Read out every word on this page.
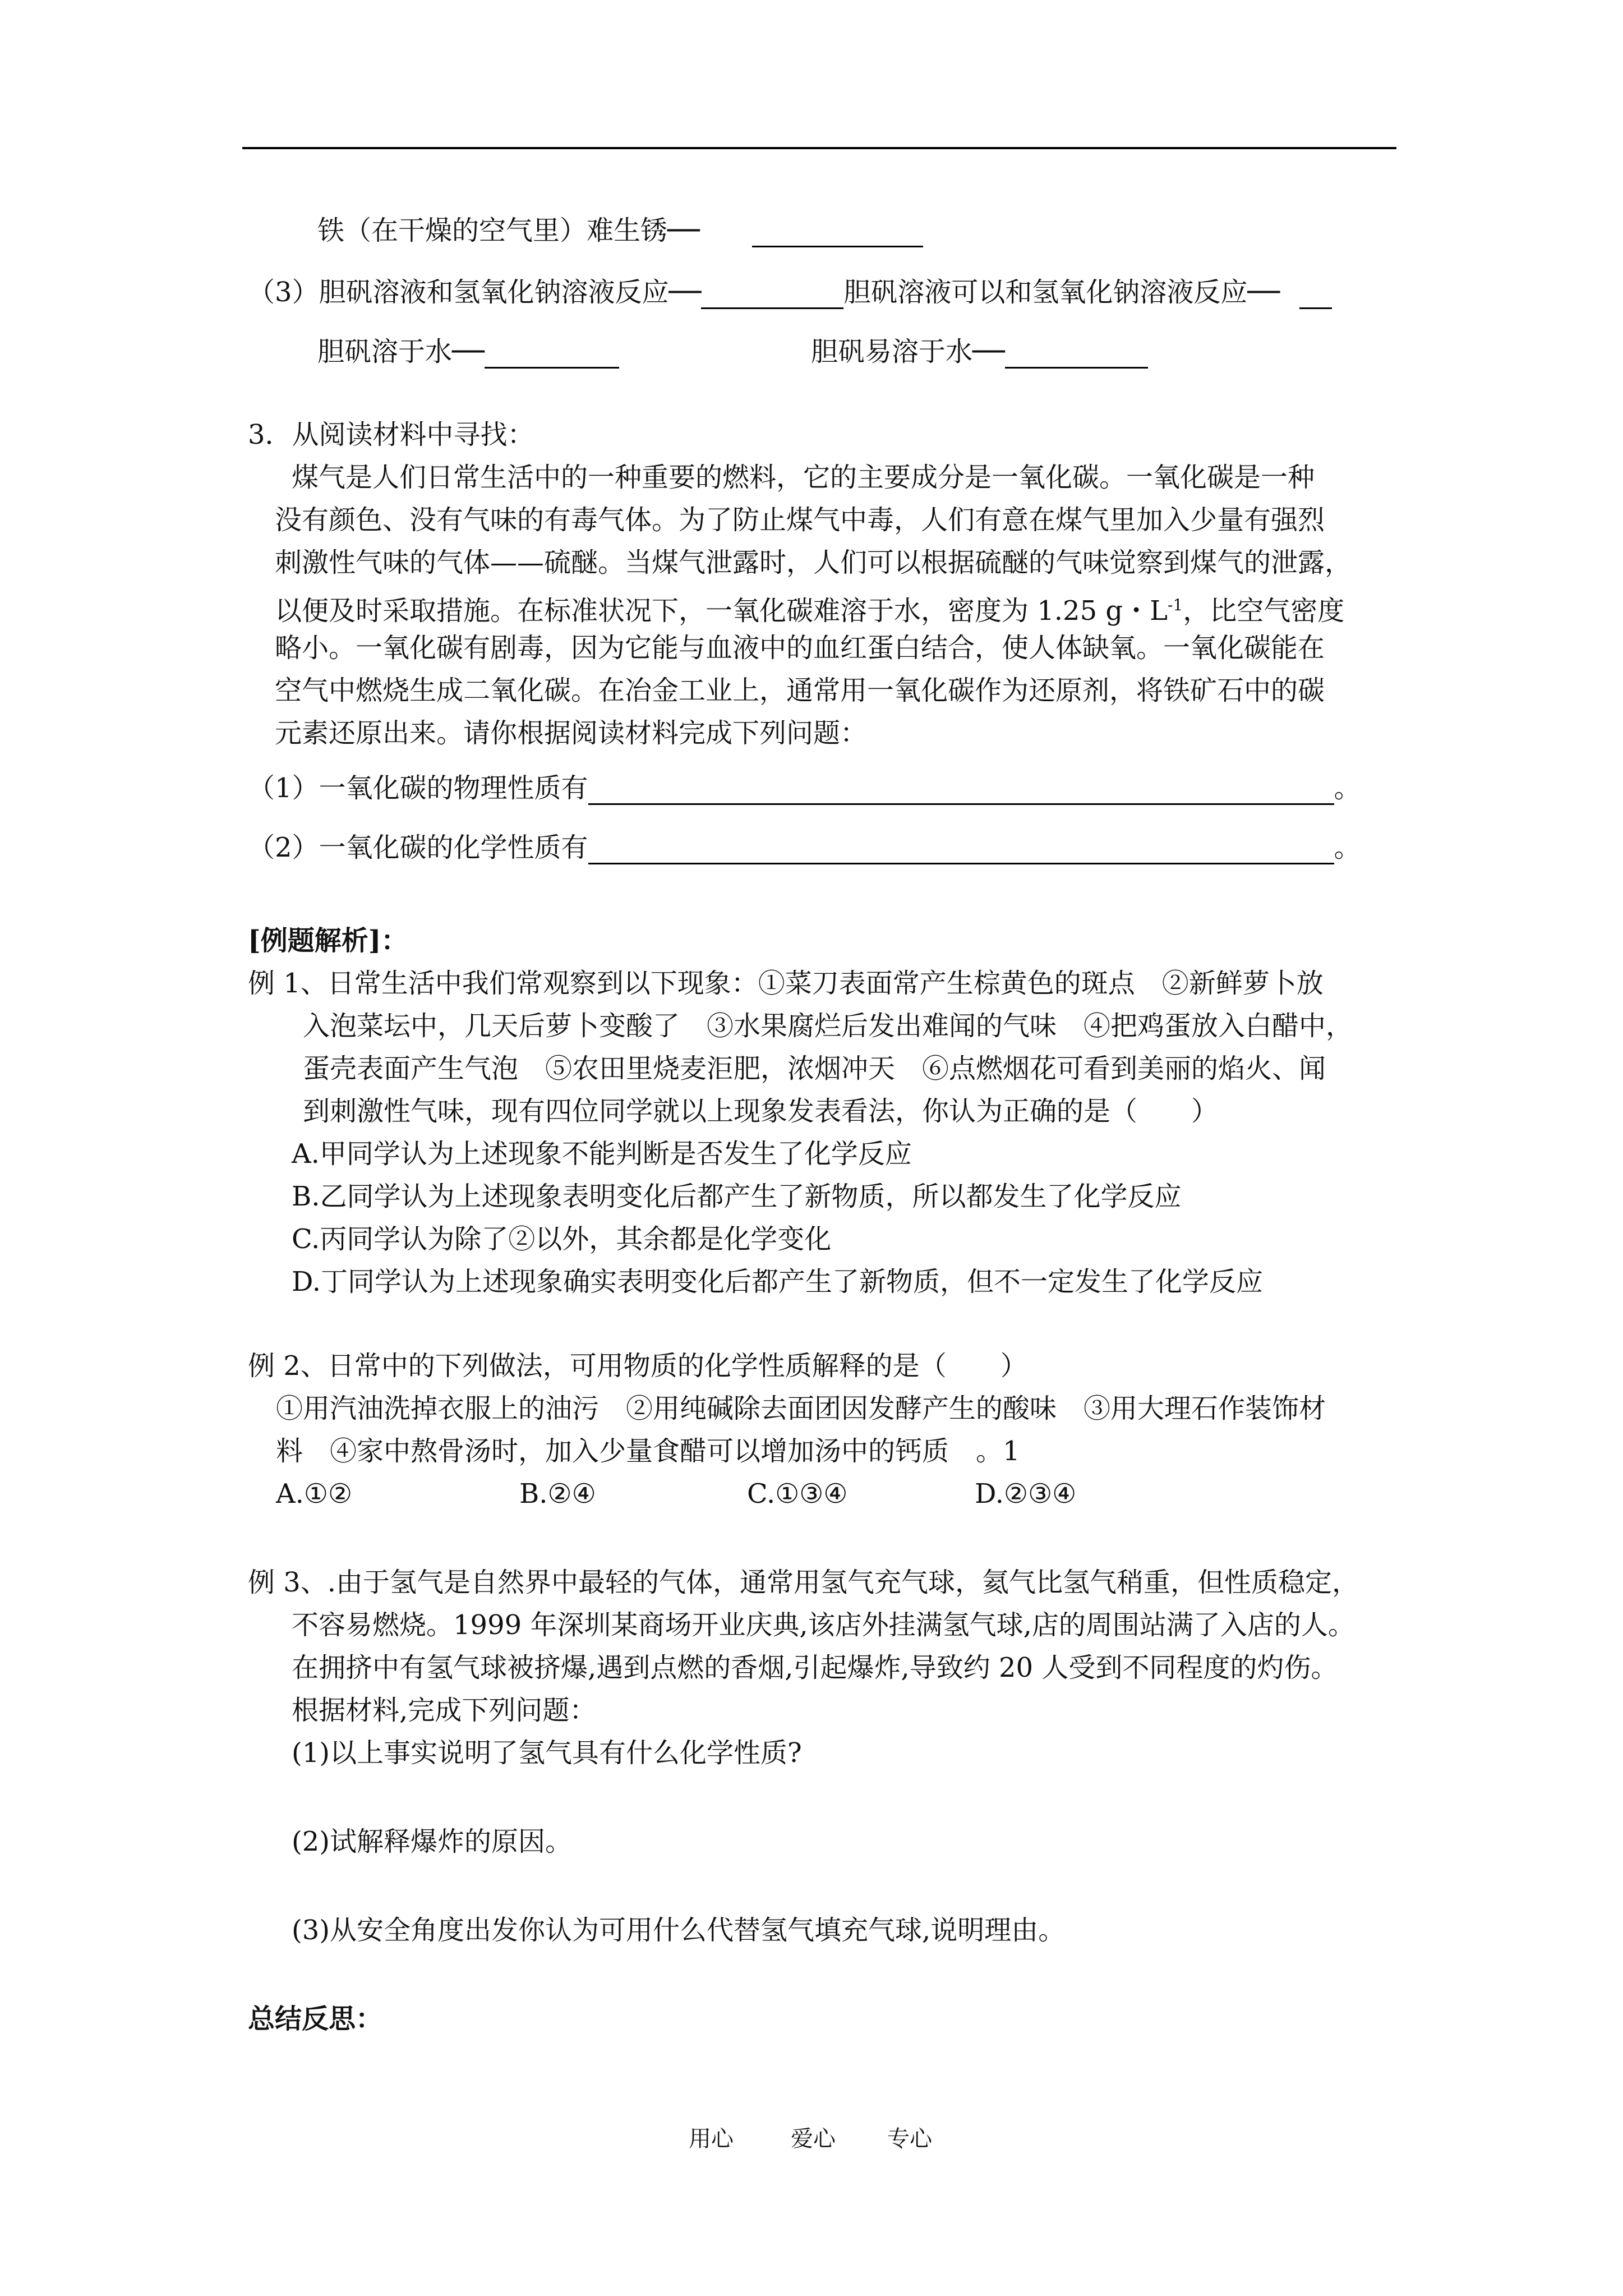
铁（在干燥的空气里）难生锈──
（3）胆矾溶液和氢氧化钠溶液反应──	胆矾溶液可以和氢氧化钠溶液反应──
胆矾溶于水──	胆矾易溶于水──
3．从阅读材料中寻找：
煤气是人们日常生活中的一种重要的燃料，它的主要成分是一氧化碳。一氧化碳是一种
没有颜色、没有气味的有毒气体。为了防止煤气中毒，人们有意在煤气里加入少量有强烈
刺激性气味的气体——硫醚。当煤气泄露时，人们可以根据硫醚的气味觉察到煤气的泄露，
以便及时采取措施。在标准状况下，一氧化碳难溶于水，密度为 1.25 g・$L^{-1}$，比空气密度
略小。一氧化碳有剧毒，因为它能与血液中的血红蛋白结合，使人体缺氧。一氧化碳能在
空气中燃烧生成二氧化碳。在冶金工业上，通常用一氧化碳作为还原剂，将铁矿石中的碳
元素还原出来。请你根据阅读材料完成下列问题：
（1）一氧化碳的物理性质有	。
（2）一氧化碳的化学性质有	。
[例题解析]：
例 1、日常生活中我们常观察到以下现象：①菜刀表面常产生棕黄色的斑点　②新鲜萝卜放
入泡菜坛中，几天后萝卜变酸了　③水果腐烂后发出难闻的气味　④把鸡蛋放入白醋中，
蛋壳表面产生气泡　⑤农田里烧麦洰肥，浓烟冲天　⑥点燃烟花可看到美丽的焰火、闻
到刺激性气味，现有四位同学就以上现象发表看法，你认为正确的是（　　）
A.甲同学认为上述现象不能判断是否发生了化学反应
B.乙同学认为上述现象表明变化后都产生了新物质，所以都发生了化学反应
C.丙同学认为除了②以外，其余都是化学变化
D.丁同学认为上述现象确实表明变化后都产生了新物质，但不一定发生了化学反应
例 2、日常中的下列做法，可用物质的化学性质解释的是（　　）
①用汽油洗掉衣服上的油污　②用纯碱除去面团因发酵产生的酸味　③用大理石作装饰材
料　④家中熬骨汤时，加入少量食醋可以增加汤中的钙质　。1
A.①②	B.②④	C.①③④	D.②③④
例 3、.由于氢气是自然界中最轻的气体，通常用氢气充气球，氦气比氢气稍重，但性质稳定，
不容易燃烧。1999 年深圳某商场开业庆典,该店外挂满氢气球,店的周围站满了入店的人。
在拥挤中有氢气球被挤爆,遇到点燃的香烟,引起爆炸,导致约 20 人受到不同程度的灼伤。
根据材料,完成下列问题：
(1)以上事实说明了氢气具有什么化学性质?
(2)试解释爆炸的原因。
(3)从安全角度出发你认为可用什么代替氢气填充气球,说明理由。
总结反思：
用心	爱心 专心
